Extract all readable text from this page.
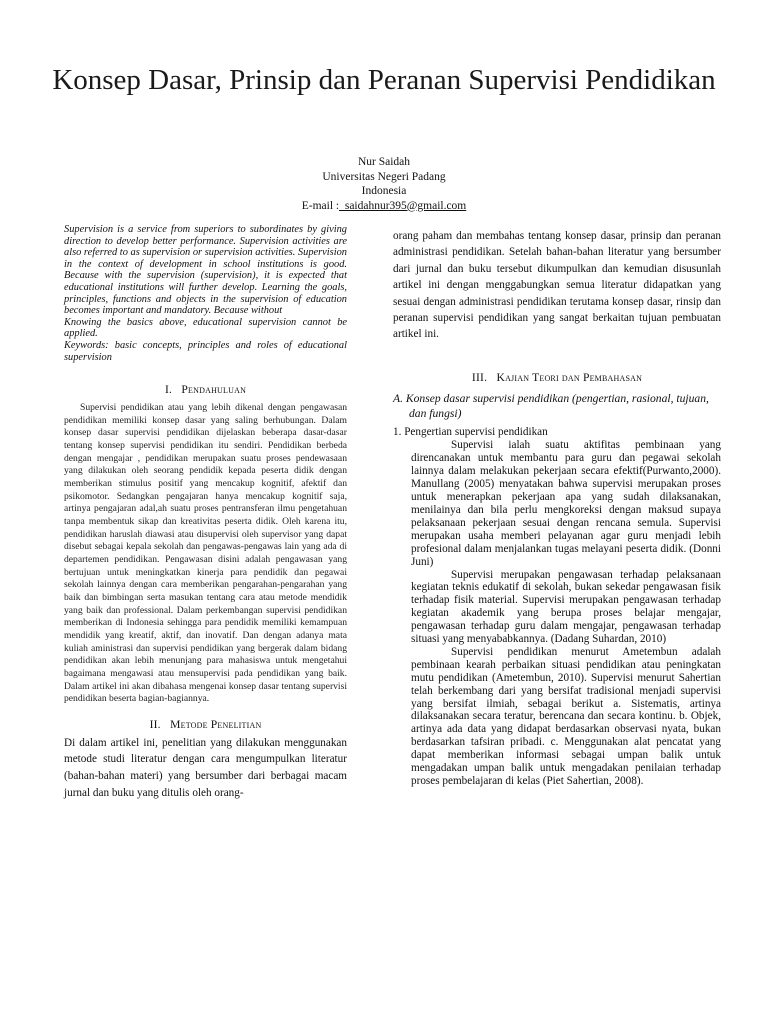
Konsep Dasar, Prinsip dan Peranan Supervisi Pendidikan
Nur Saidah
Universitas Negeri Padang
Indonesia
E-mail :_saidahnur395@gmail.com

Supervision is a service from superiors to subordinates by giving direction to develop better performance. Supervision activities are also referred to as supervision or supervision activities. Supervision in the context of development in school institutions is good. Because with the supervision (supervision), it is expected that educational institutions will further develop. Learning the goals, principles, functions and objects in the supervision of education becomes important and mandatory. Because without

Knowing the basics above, educational supervision cannot be applied.

Keywords: basic concepts, principles and roles of educational supervision

I. Pendahuluan

Supervisi pendidikan atau yang lebih dikenal dengan pengawasan pendidikan memiliki konsep dasar yang saling berhubungan. Dalam konsep dasar supervisi pendidikan dijelaskan beberapa dasar-dasar tentang konsep supervisi pendidikan itu sendiri. Pendidikan berbeda dengan mengajar , pendidikan merupakan suatu proses pendewasaan yang dilakukan oleh seorang pendidik kepada peserta didik dengan memberikan stimulus positif yang mencakup kognitif, afektif dan psikomotor. Sedangkan pengajaran hanya mencakup kognitif saja, artinya pengajaran adal,ah suatu proses pentransferan ilmu pengetahuan tanpa membentuk sikap dan kreativitas peserta didik. Oleh karena itu, pendidikan haruslah diawasi atau disupervisi oleh supervisor yang dapat disebut sebagai kepala sekolah dan pengawas-pengawas lain yang ada di departemen pendidikan. Pengawasan disini adalah pengawasan yang bertujuan untuk meningkatkan kinerja para pendidik dan pegawai sekolah lainnya dengan cara memberikan pengarahan-pengarahan yang baik dan bimbingan serta masukan tentang cara atau metode mendidik yang baik dan professional. Dalam perkembangan supervisi pendidikan memberikan di Indonesia sehingga para pendidik memiliki kemampuan mendidik yang kreatif, aktif, dan inovatif. Dan dengan adanya mata kuliah aministrasi dan supervisi pendidikan yang bergerak dalam bidang pendidikan akan lebih menunjang para mahasiswa untuk mengetahui bagaimana mengawasi atau mensupervisi pada pendidikan yang baik. Dalam artikel ini akan dibahasa mengenai konsep dasar tentang supervisi pendidikan beserta bagian-bagiannya.

II. Metode Penelitian

Di dalam artikel ini, penelitian yang dilakukan menggunakan metode studi literatur dengan cara mengumpulkan literatur (bahan-bahan materi) yang bersumber dari berbagai macam jurnal dan buku yang ditulis oleh orang-

orang paham dan membahas tentang konsep dasar, prinsip dan peranan administrasi pendidikan. Setelah bahan-bahan literatur yang bersumber dari jurnal dan buku tersebut dikumpulkan dan kemudian disusunlah artikel ini dengan menggabungkan semua literatur didapatkan yang sesuai dengan administrasi pendidikan terutama konsep dasar, rinsip dan peranan supervisi pendidikan yang sangat berkaitan tujuan pembuatan artikel ini.

III. Kajian Teori dan Pembahasan

A. Konsep dasar supervisi pendidikan (pengertian, rasional, tujuan, dan fungsi)

1. Pengertian supervisi pendidikan

Supervisi ialah suatu aktifitas pembinaan yang direncanakan untuk membantu para guru dan pegawai sekolah lainnya dalam melakukan pekerjaan secara efektif(Purwanto,2000). Manullang (2005) menyatakan bahwa supervisi merupakan proses untuk menerapkan pekerjaan apa yang sudah dilaksanakan, menilainya dan bila perlu mengkoreksi dengan maksud supaya pelaksanaan pekerjaan sesuai dengan rencana semula. Supervisi merupakan usaha memberi pelayanan agar guru menjadi lebih profesional dalam menjalankan tugas melayani peserta didik. (Donni Juni)

Supervisi merupakan pengawasan terhadap pelaksanaan kegiatan teknis edukatif di sekolah, bukan sekedar pengawasan fisik terhadap fisik material. Supervisi merupakan pengawasan terhadap kegiatan akademik yang berupa proses belajar mengajar, pengawasan terhadap guru dalam mengajar, pengawasan terhadap situasi yang menyababkannya. (Dadang Suhardan, 2010)

Supervisi pendidikan menurut Ametembun adalah pembinaan kearah perbaikan situasi pendidikan atau peningkatan mutu pendidikan (Ametembun, 2010). Supervisi menurut Sahertian telah berkembang dari yang bersifat tradisional menjadi supervisi yang bersifat ilmiah, sebagai berikut a. Sistematis, artinya dilaksanakan secara teratur, berencana dan secara kontinu. b. Objek, artinya ada data yang didapat berdasarkan observasi nyata, bukan berdasarkan tafsiran pribadi. c. Menggunakan alat pencatat yang dapat memberikan informasi sebagai umpan balik untuk mengadakan umpan balik untuk mengadakan penilaian terhadap proses pembelajaran di kelas (Piet Sahertian, 2008).
